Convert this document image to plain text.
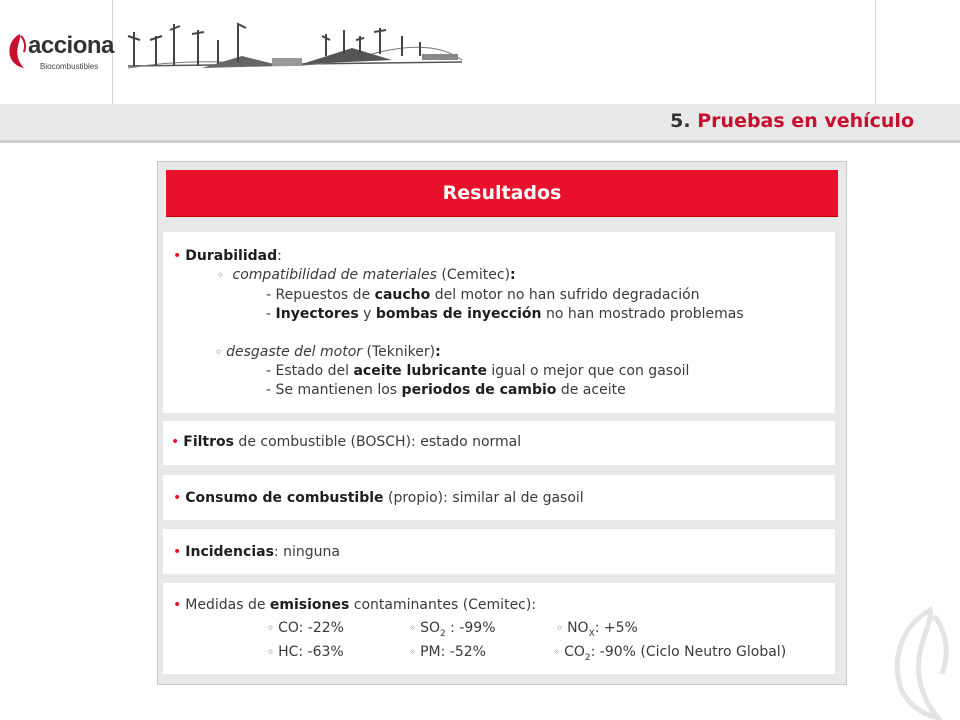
acciona
Biocombustibles
5. Pruebas en vehículo
Resultados
• Durabilidad:
◦ compatibilidad de materiales (Cemitec):
- Repuestos de caucho del motor no han sufrido degradación
- Inyectores y bombas de inyección no han mostrado problemas
◦ desgaste del motor (Tekniker):
- Estado del aceite lubricante igual o mejor que con gasoil
- Se mantienen los periodos de cambio de aceite
• Filtros de combustible (BOSCH): estado normal
• Consumo de combustible (propio): similar al de gasoil
• Incidencias: ninguna
• Medidas de emisiones contaminantes (Cemitec):
◦ CO: -22%	◦ $SO_2$ : -99%	◦ $NO_X$: +5%
◦ HC: -63%	◦ PM: -52%	◦ $CO_2$: -90% (Ciclo Neutro Global)
